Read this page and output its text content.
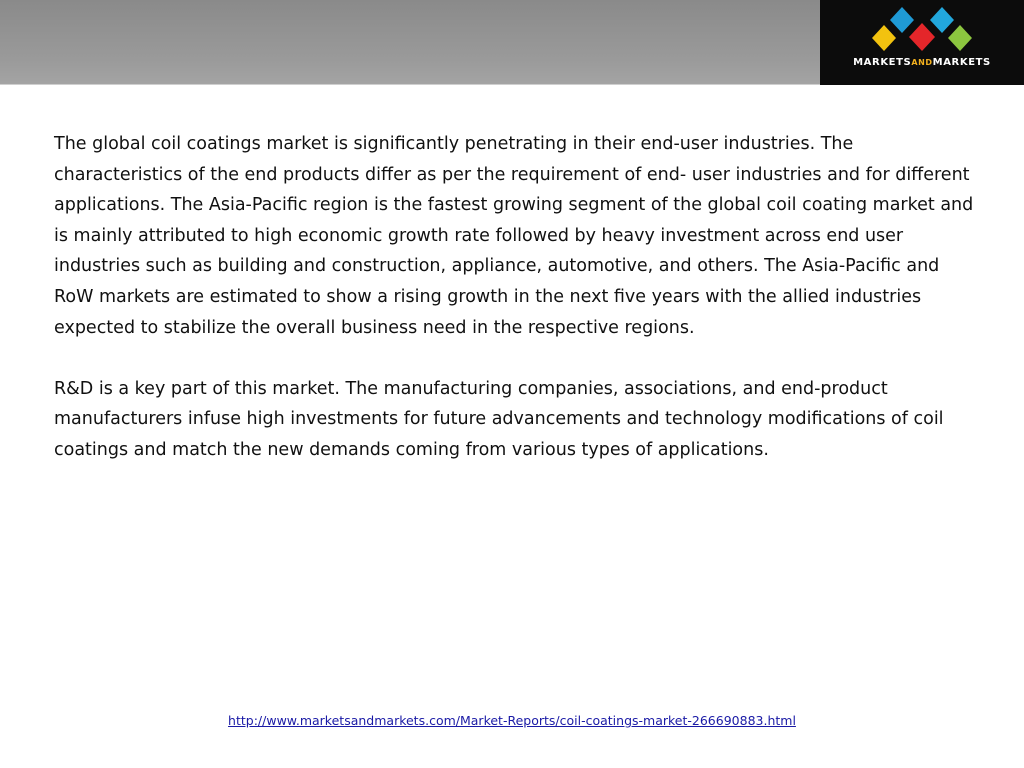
MARKETSANDMARKETS

The global coil coatings market is significantly penetrating in their end-user industries. The characteristics of the end products differ as per the requirement of end- user industries and for different applications. The Asia-Pacific region is the fastest growing segment of the global coil coating market and is mainly attributed to high economic growth rate followed by heavy investment across end user industries such as building and construction, appliance, automotive, and others. The Asia-Pacific and RoW markets are estimated to show a rising growth in the next five years with the allied industries expected to stabilize the overall business need in the respective regions.

R&D is a key part of this market. The manufacturing companies, associations, and end-product manufacturers infuse high investments for future advancements and technology modifications of coil coatings and match the new demands coming from various types of applications.

http://www.marketsandmarkets.com/Market-Reports/coil-coatings-market-266690883.html
